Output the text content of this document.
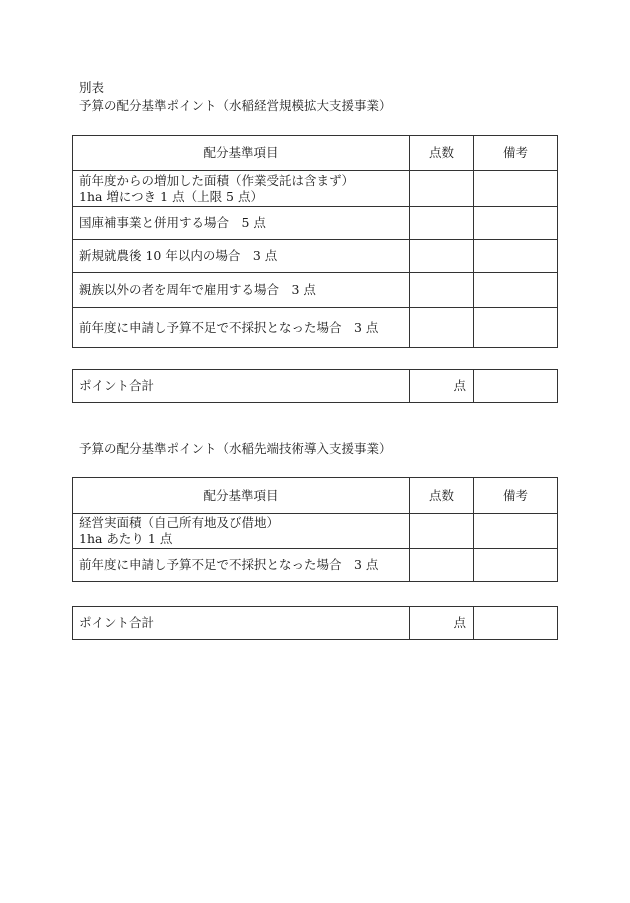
別表
予算の配分基準ポイント（水稲経営規模拡大支援事業）
配分基準項目	点数	備考

前年度からの増加した面積（作業受託は含まず）
1ha 増につき 1 点（上限 5 点）		

国庫補事業と併用する場合　5 点		

新規就農後 10 年以内の場合　3 点		

親族以外の者を周年で雇用する場合　3 点		

前年度に申請し予算不足で不採択となった場合　3 点		

ポイント合計	点	
予算の配分基準ポイント（水稲先端技術導入支援事業）
配分基準項目	点数	備考

経営実面積（自己所有地及び借地）
1ha あたり 1 点		

前年度に申請し予算不足で不採択となった場合　3 点		

ポイント合計	点	
